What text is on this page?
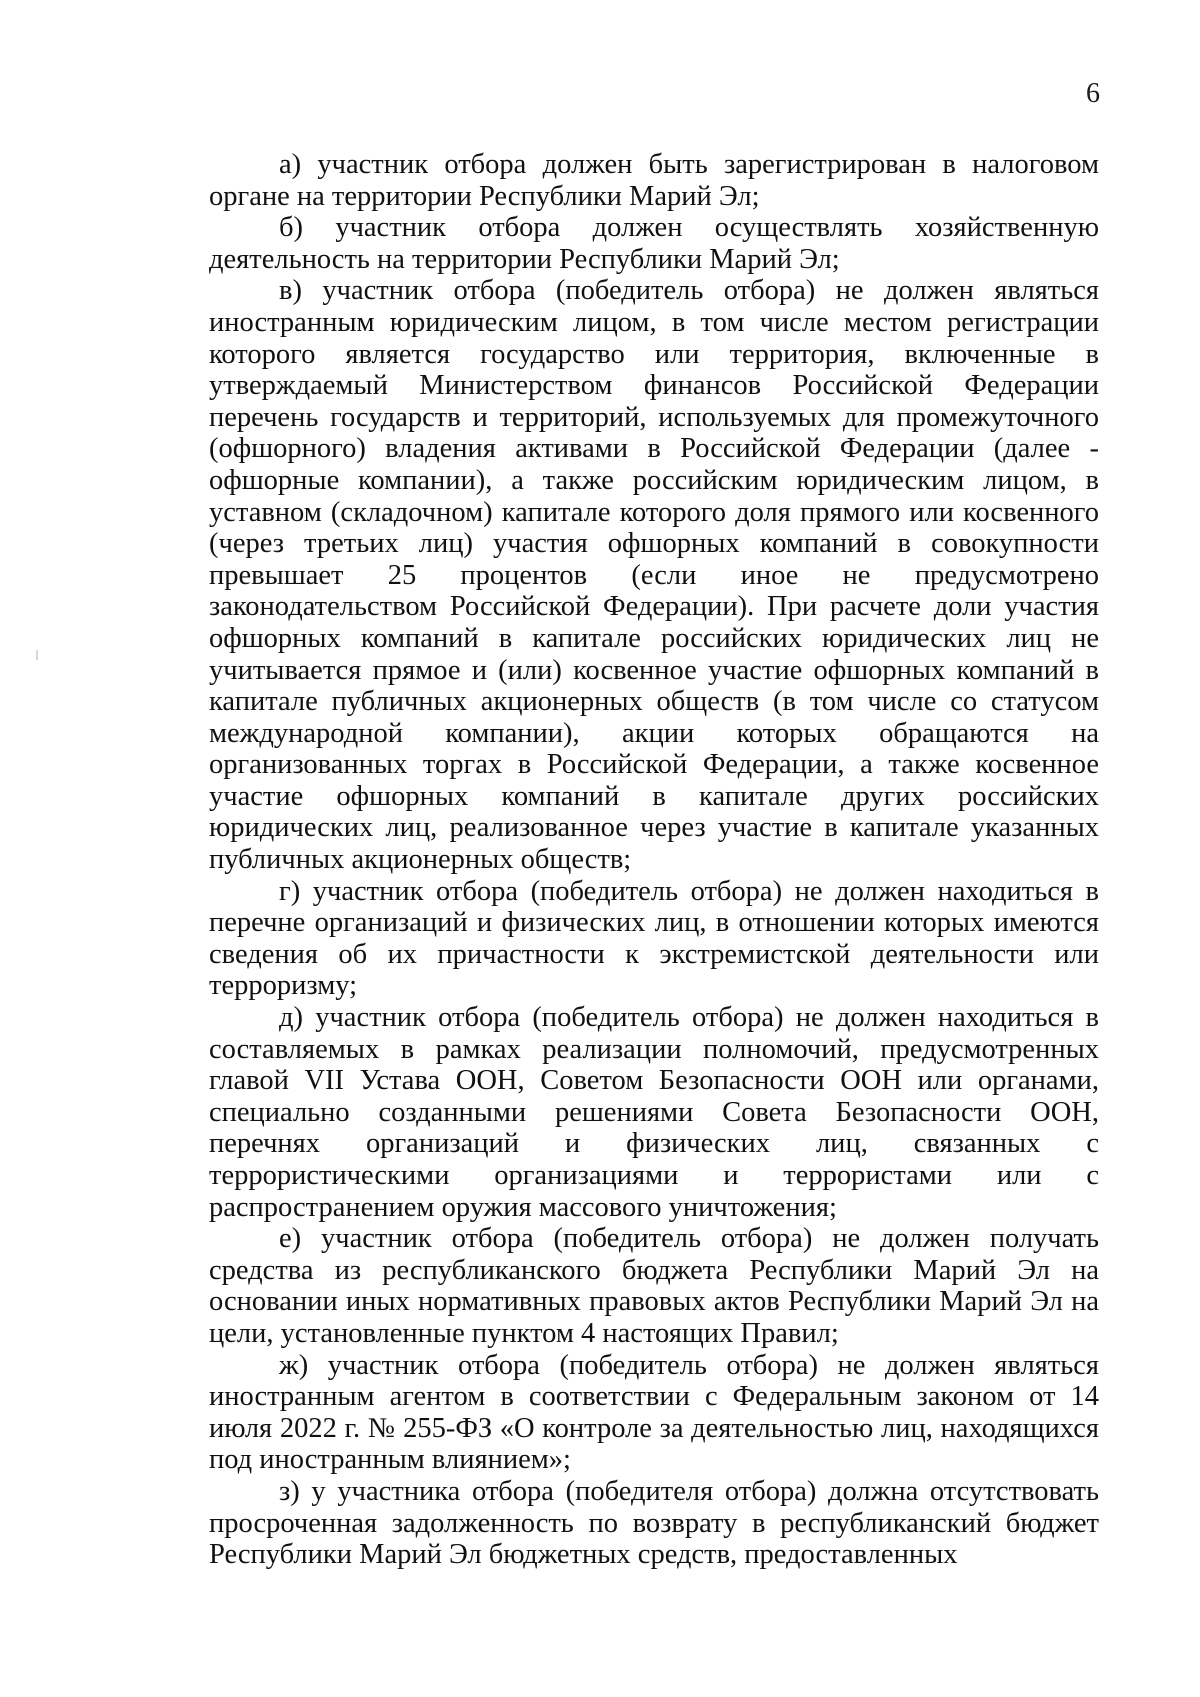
6

а) участник отбора должен быть зарегистрирован в налоговом органе на территории Республики Марий Эл;

б) участник отбора должен осуществлять хозяйственную деятельность на территории Республики Марий Эл;

в) участник отбора (победитель отбора) не должен являться иностранным юридическим лицом, в том числе местом регистрации которого является государство или территория, включенные в утверждаемый Министерством финансов Российской Федерации перечень государств и территорий, используемых для промежуточного (офшорного) владения активами в Российской Федерации (далее - офшорные компании), а также российским юридическим лицом, в уставном (складочном) капитале которого доля прямого или косвенного (через третьих лиц) участия офшорных компаний в совокупности превышает 25 процентов (если иное не предусмотрено законодательством Российской Федерации). При расчете доли участия офшорных компаний в капитале российских юридических лиц не учитывается прямое и (или) косвенное участие офшорных компаний в капитале публичных акционерных обществ (в том числе со статусом международной компании), акции которых обращаются на организованных торгах в Российской Федерации, а также косвенное участие офшорных компаний в капитале других российских юридических лиц, реализованное через участие в капитале указанных публичных акционерных обществ;

г) участник отбора (победитель отбора) не должен находиться в перечне организаций и физических лиц, в отношении которых имеются сведения об их причастности к экстремистской деятельности или терроризму;

д) участник отбора (победитель отбора) не должен находиться в составляемых в рамках реализации полномочий, предусмотренных главой VII Устава ООН, Советом Безопасности ООН или органами, специально созданными решениями Совета Безопасности ООН, перечнях организаций и физических лиц, связанных с террористическими организациями и террористами или с распространением оружия массового уничтожения;

е) участник отбора (победитель отбора) не должен получать средства из республиканского бюджета Республики Марий Эл на основании иных нормативных правовых актов Республики Марий Эл на цели, установленные пунктом 4 настоящих Правил;

ж) участник отбора (победитель отбора) не должен являться иностранным агентом в соответствии с Федеральным законом от 14 июля 2022 г. № 255-ФЗ «О контроле за деятельностью лиц, находящихся под иностранным влиянием»;

з) у участника отбора (победителя отбора) должна отсутствовать просроченная задолженность по возврату в республиканский бюджет Республики Марий Эл бюджетных средств, предоставленных
